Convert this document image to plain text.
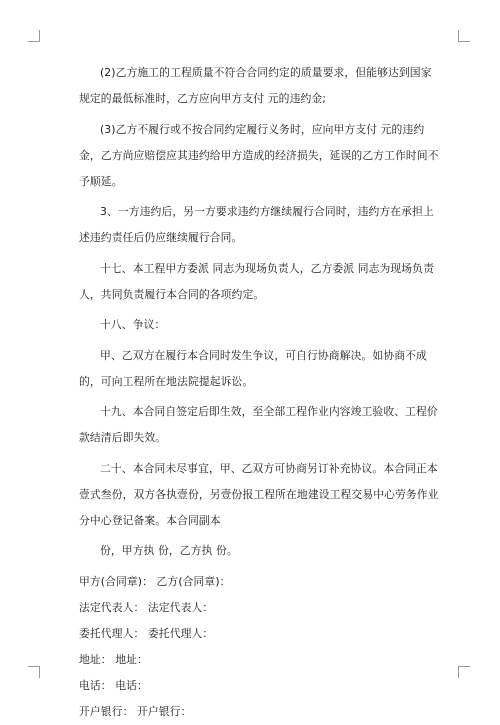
(2)乙方施工的工程质量不符合合同约定的质量要求，但能够达到国家规定的最低标准时，乙方应向甲方支付 元的违约金;

(3)乙方不履行或不按合同约定履行义务时，应向甲方支付 元的违约金，乙方尚应赔偿应其违约给甲方造成的经济损失，延误的乙方工作时间不予顺延。

3、一方违约后，另一方要求违约方继续履行合同时，违约方在承担上述违约责任后仍应继续履行合同。

十七、本工程甲方委派 同志为现场负责人，乙方委派 同志为现场负责人，共同负责履行本合同的各项约定。

十八、争议：

甲、乙双方在履行本合同时发生争议，可自行协商解决。如协商不成的，可向工程所在地法院提起诉讼。

十九、本合同自签定后即生效，至全部工程作业内容竣工验收、工程价款结清后即失效。

二十、本合同未尽事宜，甲、乙双方可协商另订补充协议。本合同正本壹式叁份，双方各执壹份，另壹份报工程所在地建设工程交易中心劳务作业分中心登记备案。本合同副本

份，甲方执 份，乙方执 份。

甲方(合同章)： 乙方(合同章)：

法定代表人： 法定代表人：

委托代理人： 委托代理人：

地址： 地址：

电话： 电话：

开户银行： 开户银行：
